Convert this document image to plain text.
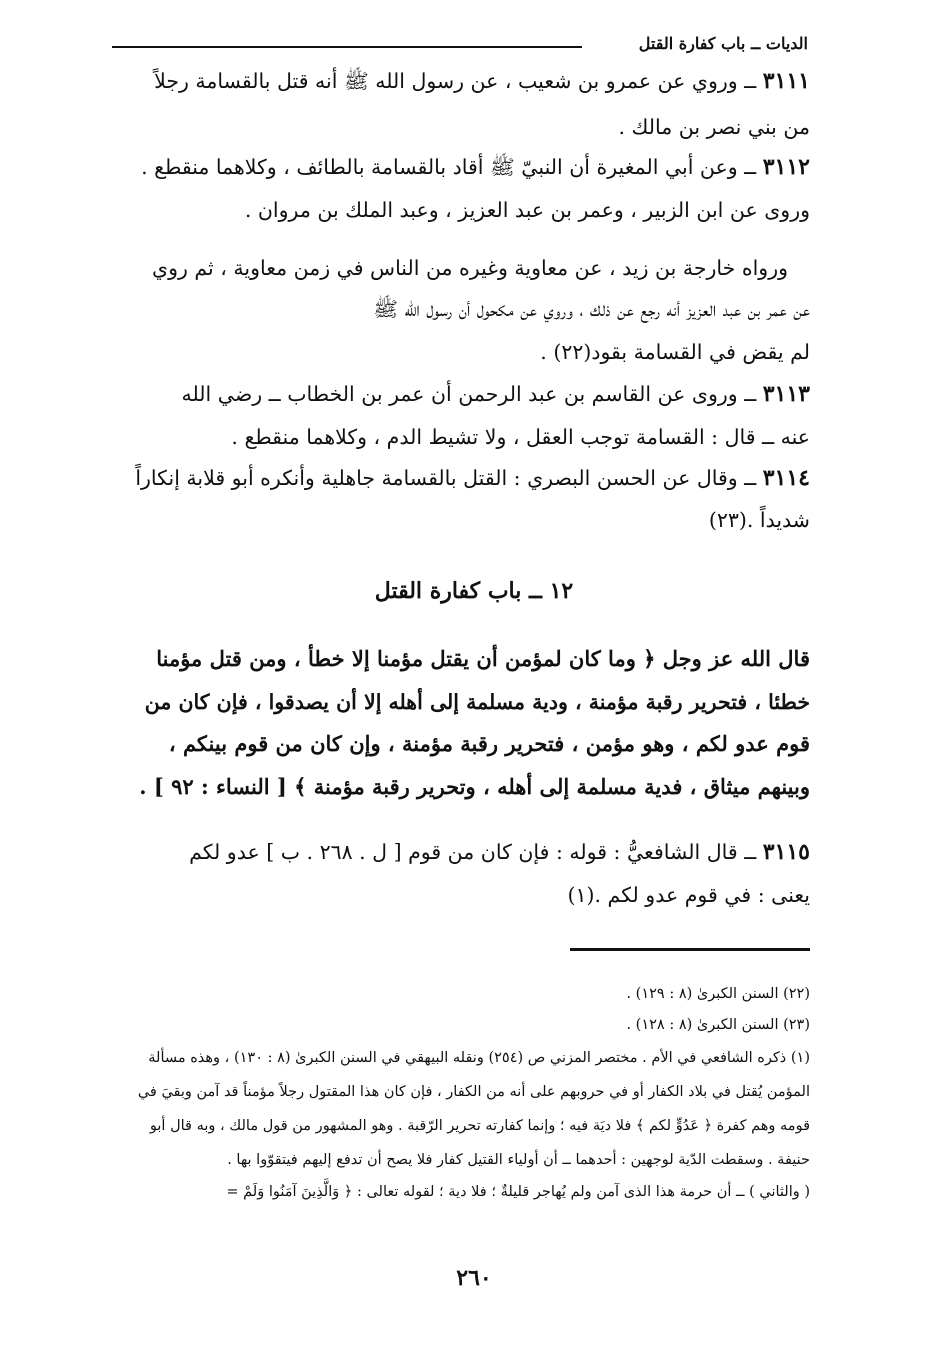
الديات ــ باب كفارة القتل
٣١١١ ــ وروي عن عمرو بن شعيب ، عن رسول الله ﷺ أنه قتل بالقسامة رجلاً
من بني نصر بن مالك .
٣١١٢ ــ وعن أبي المغيرة أن النبيّ ﷺ أقاد بالقسامة بالطائف ، وكلاهما منقطع .
وروى عن ابن الزبير ، وعمر بن عبد العزيز ، وعبد الملك بن مروان .
ورواه خارجة بن زيد ، عن معاوية وغيره من الناس في زمن معاوية ، ثم روي
عن عمر بن عبد العزيز أنه رجع عن ذلك ، وروي عن مكحول أن رسول الله ﷺ
لم يقض في القسامة بقود(٢٢) .
٣١١٣ ــ وروى عن القاسم بن عبد الرحمن أن عمر بن الخطاب ــ رضي الله
عنه ــ قال : القسامة توجب العقل ، ولا تشيط الدم ، وكلاهما منقطع .
٣١١٤ ــ وقال عن الحسن البصري : القتل بالقسامة جاهلية وأنكره أبو قلابة إنكاراً
شديداً .(٢٣)
١٢ ــ باب كفارة القتل
قال الله عز وجل ﴿ وما كان لمؤمن أن يقتل مؤمنا إلا خطأ ، ومن قتل مؤمنا
خطئا ، فتحرير رقبة مؤمنة ، ودية مسلمة إلى أهله إلا أن يصدقوا ، فإن كان من
قوم عدو لكم ، وهو مؤمن ، فتحرير رقبة مؤمنة ، وإن كان من قوم بينكم ،
وبينهم ميثاق ، فدية مسلمة إلى أهله ، وتحرير رقبة مؤمنة ﴾ [ النساء : ٩٢ ] .
٣١١٥ ــ قال الشافعيُّ : قوله : فإن كان من قوم [ ل . ٢٦٨ . ب ] عدو لكم
يعنى : في قوم عدو لكم .(١)
(٢٢) السنن الكبرىٰ (٨ : ١٢٩) .
(٢٣) السنن الكبرىٰ (٨ : ١٢٨) .
(١) ذكره الشافعي في الأم . مختصر المزني ص (٢٥٤) ونقله البيهقي في السنن الكبرىٰ (٨ : ١٣٠) ، وهذه مسألة
المؤمن يُقتل في بلاد الكفار أو في حروبهم على أنه من الكفار ، فإن كان هذا المقتول رجلاً مؤمناً قد آمن وبقيَ في
قومه وهم كفرة ﴿ عَدُوٍّ لكم ﴾ فلا ديَة فيه ؛ وإنما كفارته تحرير الرّقبة . وهو المشهور من قول مالك ، وبه قال أبو
حنيفة . وسقطت الدّية لوجهين : أحدهما ــ أن أولياء القتيل كفار فلا يصح أن تدفع إليهم فيتقوّوا بها .
( والثاني ) ــ أن حرمة هذا الذى آمن ولم يُهاجر قليلةٌ ؛ فلا دية ؛ لقوله تعالى : ﴿ وَالَّذِينَ آمَنُوا وَلَمْ =
٢٦٠
